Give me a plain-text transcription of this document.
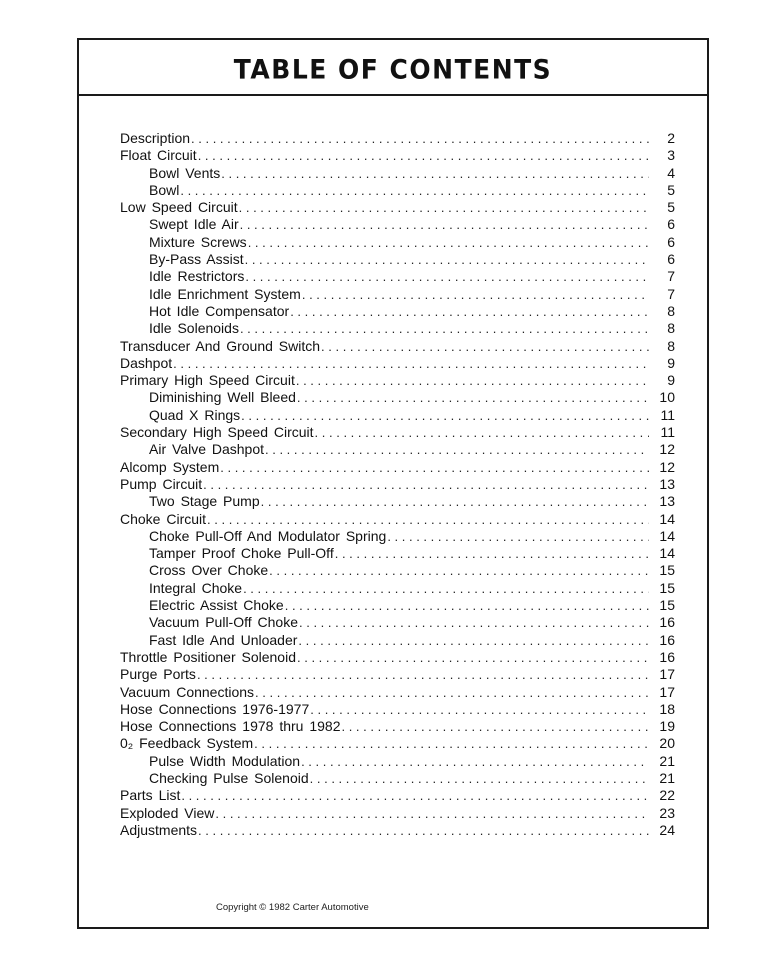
TABLE OF CONTENTS
Description . . .	2
Float Circuit . . .	3
Bowl Vents . . .	4
Bowl . . .	5
Low Speed Circuit . . .	5
Swept Idle Air . . .	6
Mixture Screws . . .	6
By-Pass Assist . . .	6
Idle Restrictors . . .	7
Idle Enrichment System . . .	7
Hot Idle Compensator . . .	8
Idle Solenoids . . .	8
Transducer And Ground Switch . . .	8
Dashpot . . .	9
Primary High Speed Circuit . . .	9
Diminishing Well Bleed . . .	10
Quad X Rings . . .	11
Secondary High Speed Circuit . . .	11
Air Valve Dashpot . . .	12
Alcomp System . . .	12
Pump Circuit . . .	13
Two Stage Pump . . .	13
Choke Circuit . . .	14
Choke Pull-Off And Modulator Spring . . .	14
Tamper Proof Choke Pull-Off . . .	14
Cross Over Choke . . .	15
Integral Choke . . .	15
Electric Assist Choke . . .	15
Vacuum Pull-Off Choke . . .	16
Fast Idle And Unloader . . .	16
Throttle Positioner Solenoid . . .	16
Purge Ports . . .	17
Vacuum Connections . . .	17
Hose Connections 1976-1977 . . .	18
Hose Connections 1978 thru 1982 . . .	19
0₂ Feedback System . . .	20
Pulse Width Modulation . . .	21
Checking Pulse Solenoid . . .	21
Parts List . . .	22
Exploded View . . .	23
Adjustments . . .	24
Copyright © 1982 Carter Automotive
